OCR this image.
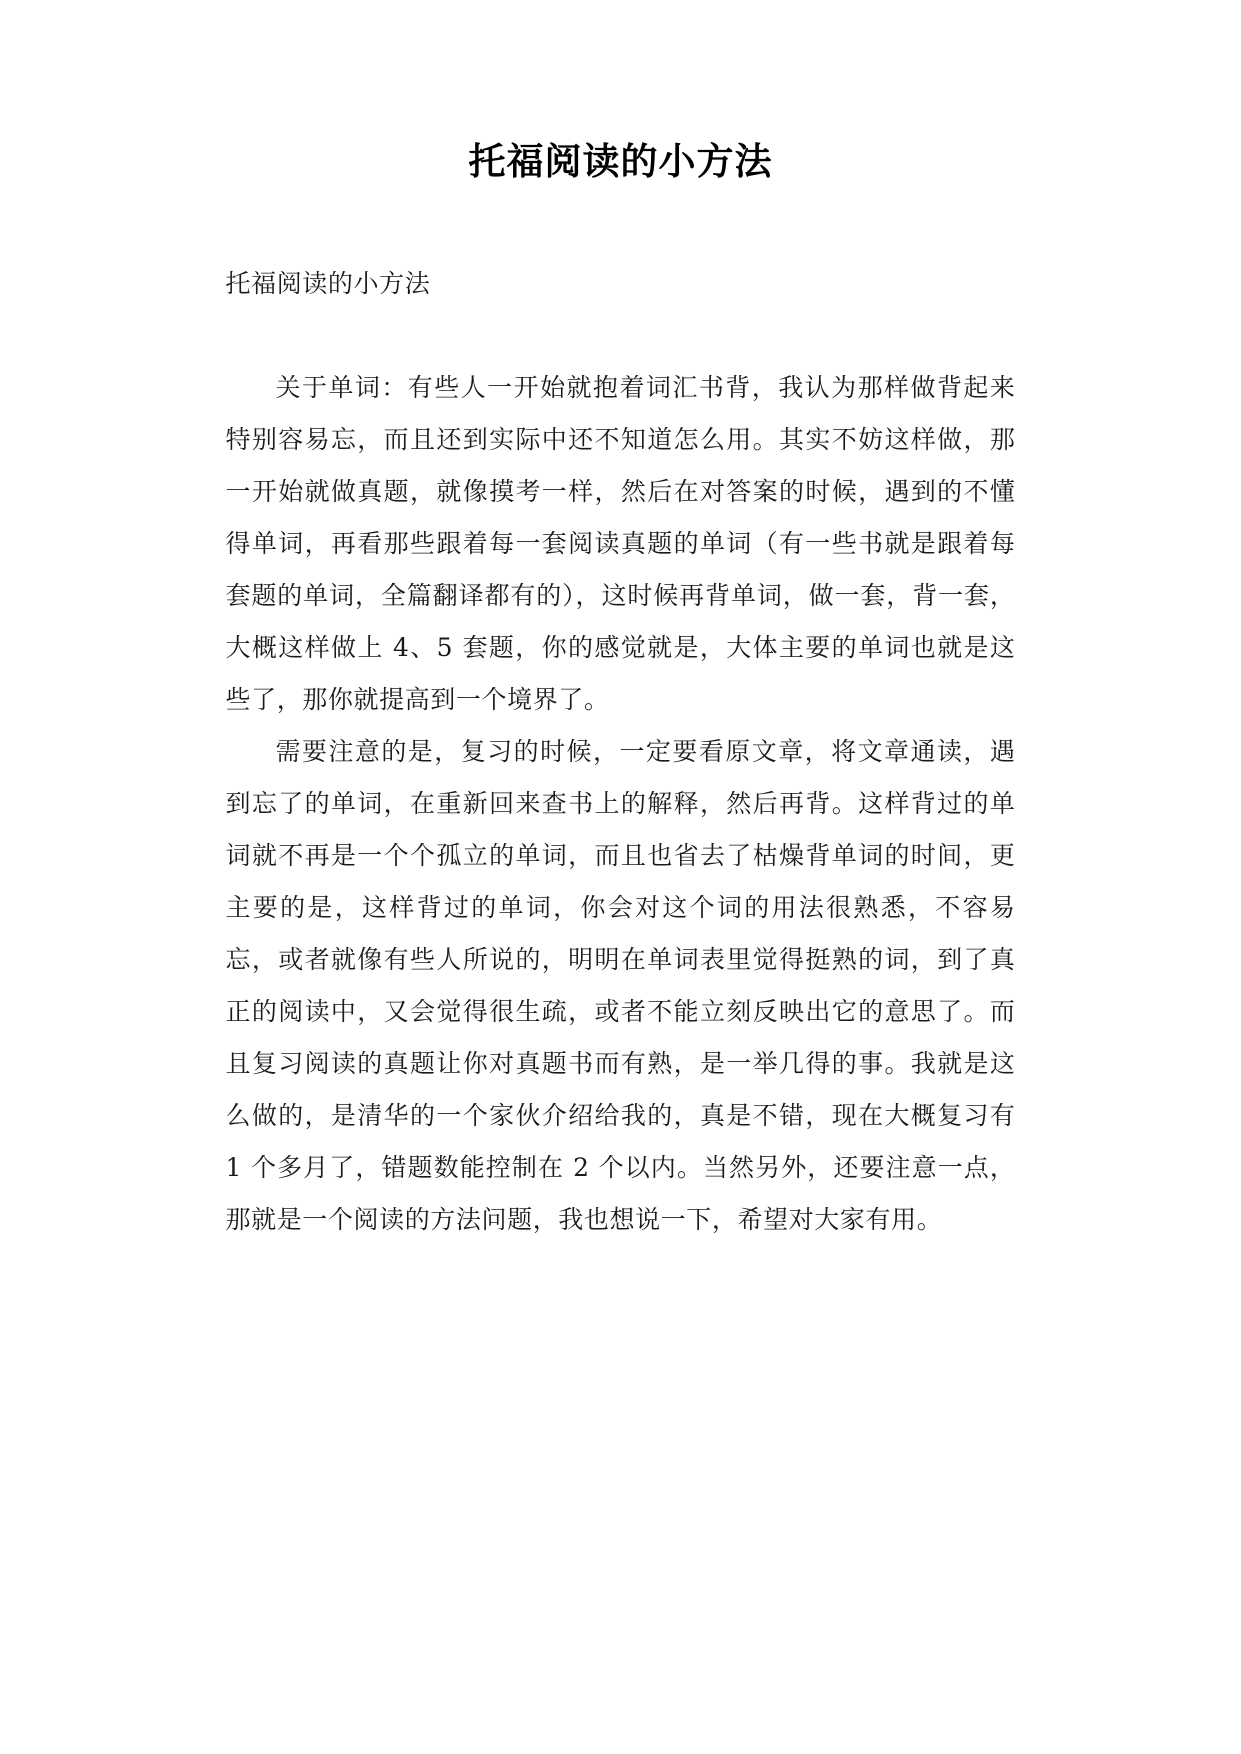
托福阅读的小方法

托福阅读的小方法

关于单词：有些人一开始就抱着词汇书背，我认为那样做背起来特别容易忘，而且还到实际中还不知道怎么用。其实不妨这样做，那一开始就做真题，就像摸考一样，然后在对答案的时候，遇到的不懂得单词，再看那些跟着每一套阅读真题的单词（有一些书就是跟着每套题的单词，全篇翻译都有的），这时候再背单词，做一套，背一套，大概这样做上 4、5 套题，你的感觉就是，大体主要的单词也就是这些了，那你就提高到一个境界了。

需要注意的是，复习的时候，一定要看原文章，将文章通读，遇到忘了的单词，在重新回来查书上的解释，然后再背。这样背过的单词就不再是一个个孤立的单词，而且也省去了枯燥背单词的时间，更主要的是，这样背过的单词，你会对这个词的用法很熟悉，不容易忘，或者就像有些人所说的，明明在单词表里觉得挺熟的词，到了真正的阅读中，又会觉得很生疏，或者不能立刻反映出它的意思了。而且复习阅读的真题让你对真题书而有熟，是一举几得的事。我就是这么做的，是清华的一个家伙介绍给我的，真是不错，现在大概复习有 1 个多月了，错题数能控制在 2 个以内。当然另外，还要注意一点，那就是一个阅读的方法问题，我也想说一下，希望对大家有用。
